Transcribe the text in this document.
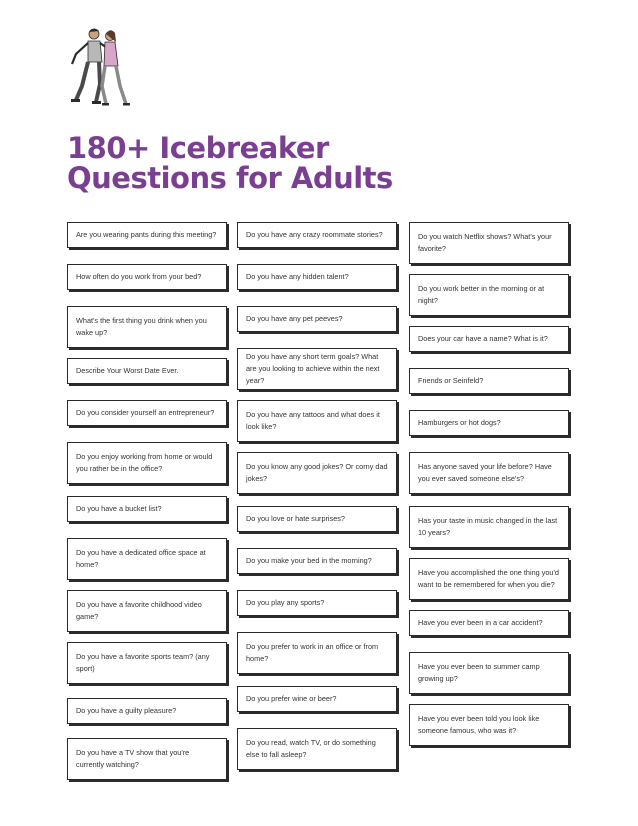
180+ Icebreaker
Questions for Adults
Are you wearing pants during this meeting?
How often do you work from your bed?
What's the first thing you drink when you wake up?
Describe Your Worst Date Ever.
Do you consider yourself an entrepreneur?
Do you enjoy working from home or would you rather be in the office?
Do you have a bucket list?
Do you have a dedicated office space at home?
Do you have a favorite childhood video game?
Do you have a favorite sports team? (any sport)
Do you have a guilty pleasure?
Do you have a TV show that you're currently watching?
Do you have any crazy roommate stories?
Do you have any hidden talent?
Do you have any pet peeves?
Do you have any short term goals? What are you looking to achieve within the next year?
Do you have any tattoos and what does it look like?
Do you know any good jokes? Or corny dad jokes?
Do you love or hate surprises?
Do you make your bed in the morning?
Do you play any sports?
Do you prefer to work in an office or from home?
Do you prefer wine or beer?
Do you read, watch TV, or do something else to fall asleep?
Do you watch Netflix shows? What's your favorite?
Do you work better in the morning or at night?
Does your car have a name? What is it?
Friends or Seinfeld?
Hamburgers or hot dogs?
Has anyone saved your life before? Have you ever saved someone else's?
Has your taste in music changed in the last 10 years?
Have you accomplished the one thing you'd want to be remembered for when you die?
Have you ever been in a car accident?
Have you ever been to summer camp growing up?
Have you ever been told you look like someone famous, who was it?
